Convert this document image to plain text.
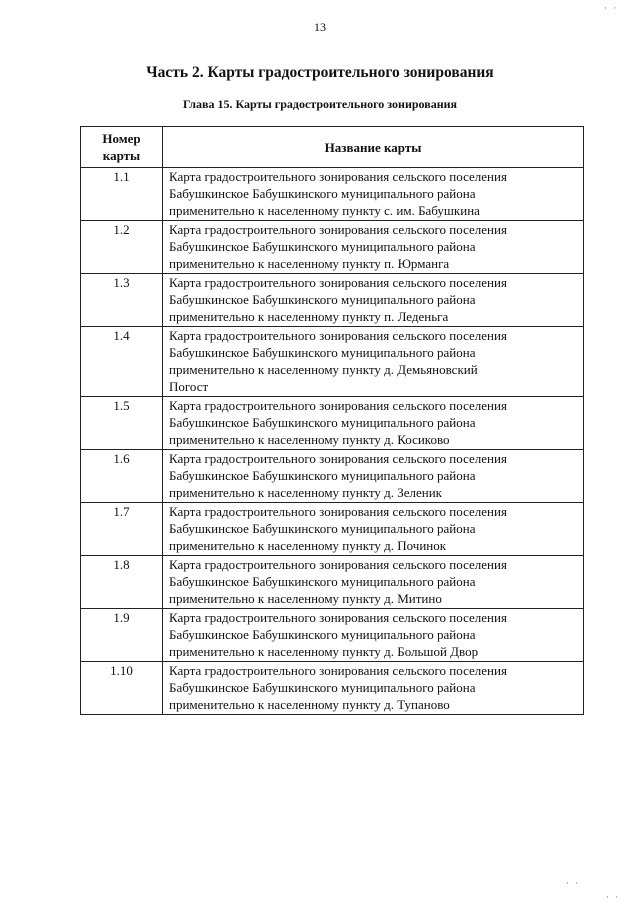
13
Часть 2. Карты градостроительного зонирования
Глава 15. Карты градостроительного зонирования
Номер
карты	Название карты
1.1	Карта градостроительного зонирования сельского поселения
Бабушкинское Бабушкинского муниципального района
применительно к населенному пункту с. им. Бабушкина

1.2	Карта градостроительного зонирования сельского поселения
Бабушкинское Бабушкинского муниципального района
применительно к населенному пункту п. Юрманга

1.3	Карта градостроительного зонирования сельского поселения
Бабушкинское Бабушкинского муниципального района
применительно к населенному пункту п. Леденьга

1.4	Карта градостроительного зонирования сельского поселения
Бабушкинское Бабушкинского муниципального района
применительно к населенному пункту д. Демьяновский
Погост

1.5	Карта градостроительного зонирования сельского поселения
Бабушкинское Бабушкинского муниципального района
применительно к населенному пункту д. Косиково

1.6	Карта градостроительного зонирования сельского поселения
Бабушкинское Бабушкинского муниципального района
применительно к населенному пункту д. Зеленик

1.7	Карта градостроительного зонирования сельского поселения
Бабушкинское Бабушкинского муниципального района
применительно к населенному пункту д. Починок

1.8	Карта градостроительного зонирования сельского поселения
Бабушкинское Бабушкинского муниципального района
применительно к населенному пункту д. Митино

1.9	Карта градостроительного зонирования сельского поселения
Бабушкинское Бабушкинского муниципального района
применительно к населенному пункту д. Большой Двор

1.10	Карта градостроительного зонирования сельского поселения
Бабушкинское Бабушкинского муниципального района
применительно к населенному пункту д. Тупаново
· ·
· ·
· ·
